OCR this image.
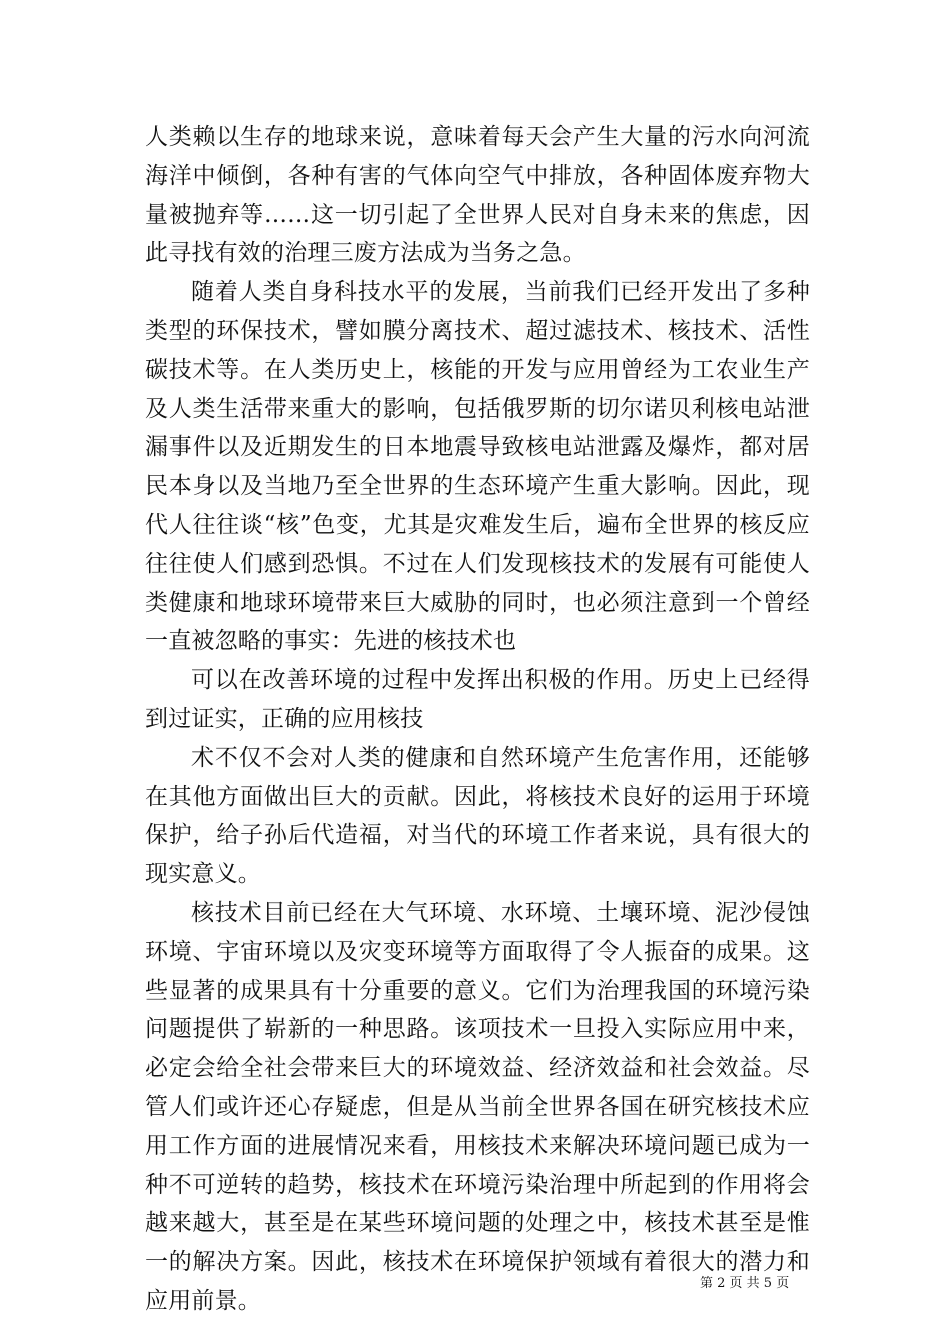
人类赖以生存的地球来说，意味着每天会产生大量的污水向河流海洋中倾倒，各种有害的气体向空气中排放，各种固体废弃物大量被抛弃等……这一切引起了全世界人民对自身未来的焦虑，因此寻找有效的治理三废方法成为当务之急。

随着人类自身科技水平的发展，当前我们已经开发出了多种类型的环保技术，譬如膜分离技术、超过滤技术、核技术、活性碳技术等。在人类历史上，核能的开发与应用曾经为工农业生产及人类生活带来重大的影响，包括俄罗斯的切尔诺贝利核电站泄漏事件以及近期发生的日本地震导致核电站泄露及爆炸，都对居民本身以及当地乃至全世界的生态环境产生重大影响。因此，现代人往往谈“核”色变，尤其是灾难发生后，遍布全世界的核反应往往使人们感到恐惧。不过在人们发现核技术的发展有可能使人类健康和地球环境带来巨大威胁的同时，也必须注意到一个曾经一直被忽略的事实：先进的核技术也

可以在改善环境的过程中发挥出积极的作用。历史上已经得到过证实，正确的应用核技

术不仅不会对人类的健康和自然环境产生危害作用，还能够在其他方面做出巨大的贡献。因此，将核技术良好的运用于环境保护，给子孙后代造福，对当代的环境工作者来说，具有很大的现实意义。

核技术目前已经在大气环境、水环境、土壤环境、泥沙侵蚀环境、宇宙环境以及灾变环境等方面取得了令人振奋的成果。这些显著的成果具有十分重要的意义。它们为治理我国的环境污染问题提供了崭新的一种思路。该项技术一旦投入实际应用中来，必定会给全社会带来巨大的环境效益、经济效益和社会效益。尽管人们或许还心存疑虑，但是从当前全世界各国在研究核技术应用工作方面的进展情况来看，用核技术来解决环境问题已成为一种不可逆转的趋势，核技术在环境污染治理中所起到的作用将会越来越大，甚至是在某些环境问题的处理之中，核技术甚至是惟一的解决方案。因此，核技术在环境保护领域有着很大的潜力和应用前景。

第 2 页 共 5 页
